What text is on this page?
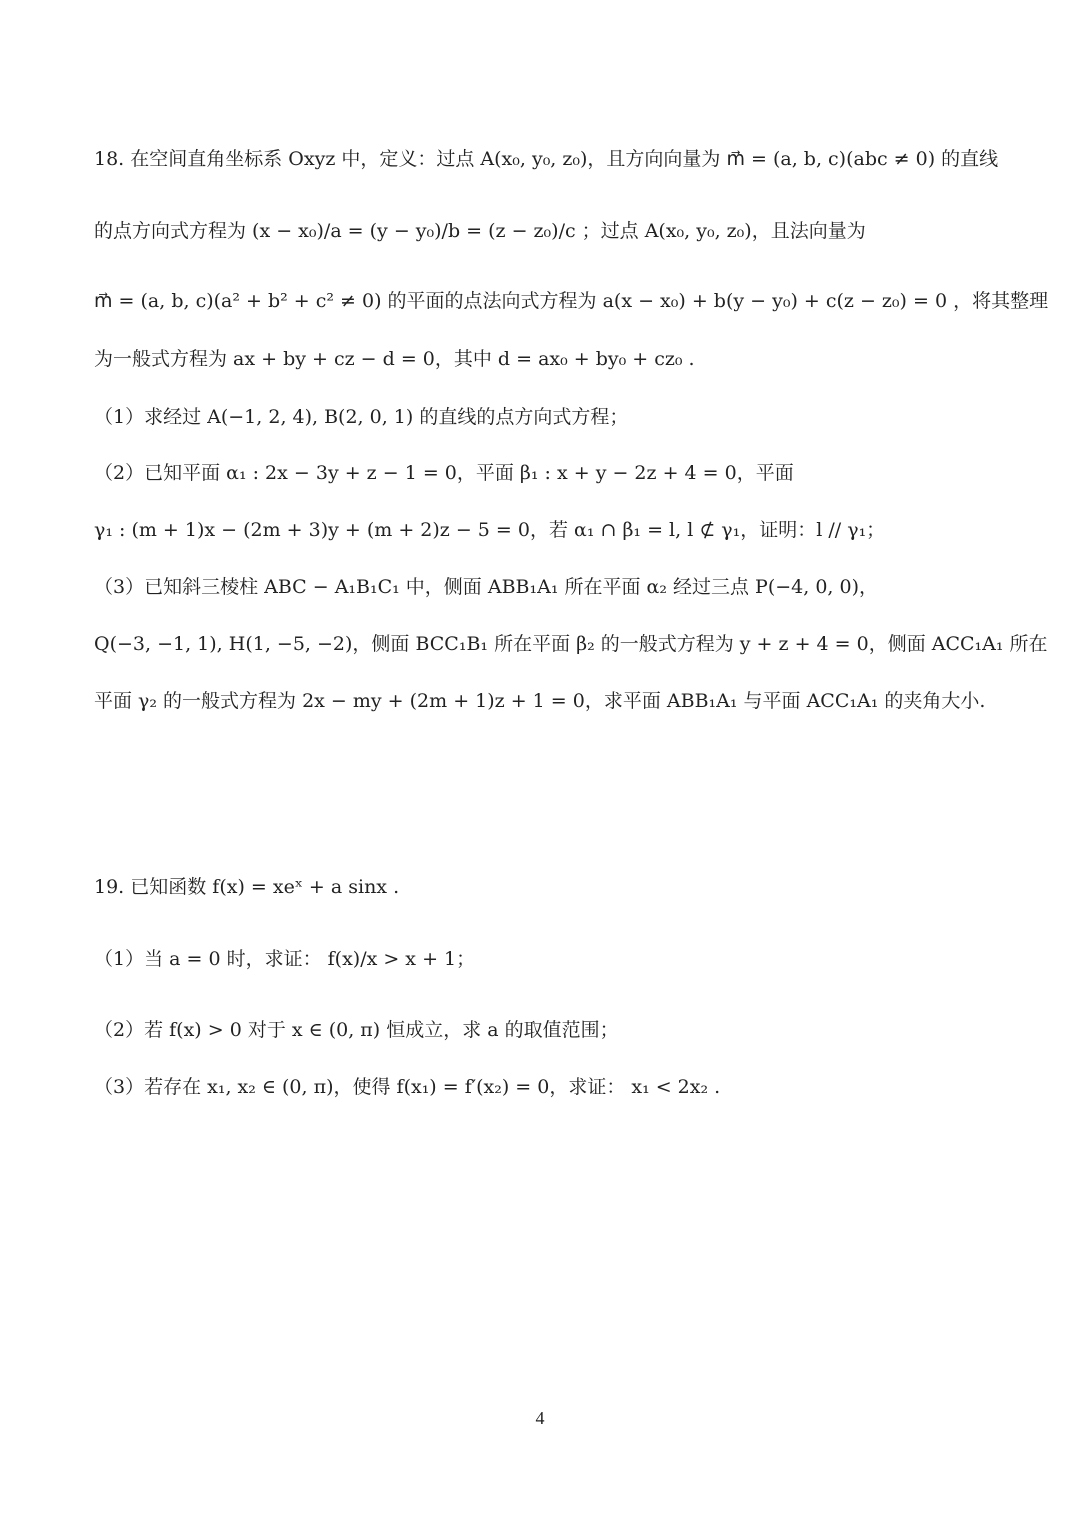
18. 在空间直角坐标系 Oxyz 中，定义：过点 A(x₀, y₀, z₀)，且方向向量为 m⃗ = (a, b, c)(abc ≠ 0) 的直线
的点方向式方程为 (x − x₀)/a = (y − y₀)/b = (z − z₀)/c ；过点 A(x₀, y₀, z₀)，且法向量为
m⃗ = (a, b, c)(a² + b² + c² ≠ 0) 的平面的点法向式方程为 a(x − x₀) + b(y − y₀) + c(z − z₀) = 0 ，将其整理
为一般式方程为 ax + by + cz − d = 0，其中 d = ax₀ + by₀ + cz₀ .
（1）求经过 A(−1, 2, 4), B(2, 0, 1) 的直线的点方向式方程；
（2）已知平面 α₁ : 2x − 3y + z − 1 = 0，平面 β₁ : x + y − 2z + 4 = 0，平面
γ₁ : (m + 1)x − (2m + 3)y + (m + 2)z − 5 = 0，若 α₁ ∩ β₁ = l, l ⊄ γ₁，证明：l // γ₁；
（3）已知斜三棱柱 ABC − A₁B₁C₁ 中，侧面 ABB₁A₁ 所在平面 α₂ 经过三点 P(−4, 0, 0)，
Q(−3, −1, 1), H(1, −5, −2)，侧面 BCC₁B₁ 所在平面 β₂ 的一般式方程为 y + z + 4 = 0，侧面 ACC₁A₁ 所在
平面 γ₂ 的一般式方程为 2x − my + (2m + 1)z + 1 = 0，求平面 ABB₁A₁ 与平面 ACC₁A₁ 的夹角大小.
19. 已知函数 f(x) = xeˣ + a sinx .
（1）当 a = 0 时，求证： f(x)/x > x + 1；
（2）若 f(x) > 0 对于 x ∈ (0, π) 恒成立，求 a 的取值范围；
（3）若存在 x₁, x₂ ∈ (0, π)，使得 f(x₁) = f′(x₂) = 0，求证： x₁ < 2x₂ .
4
